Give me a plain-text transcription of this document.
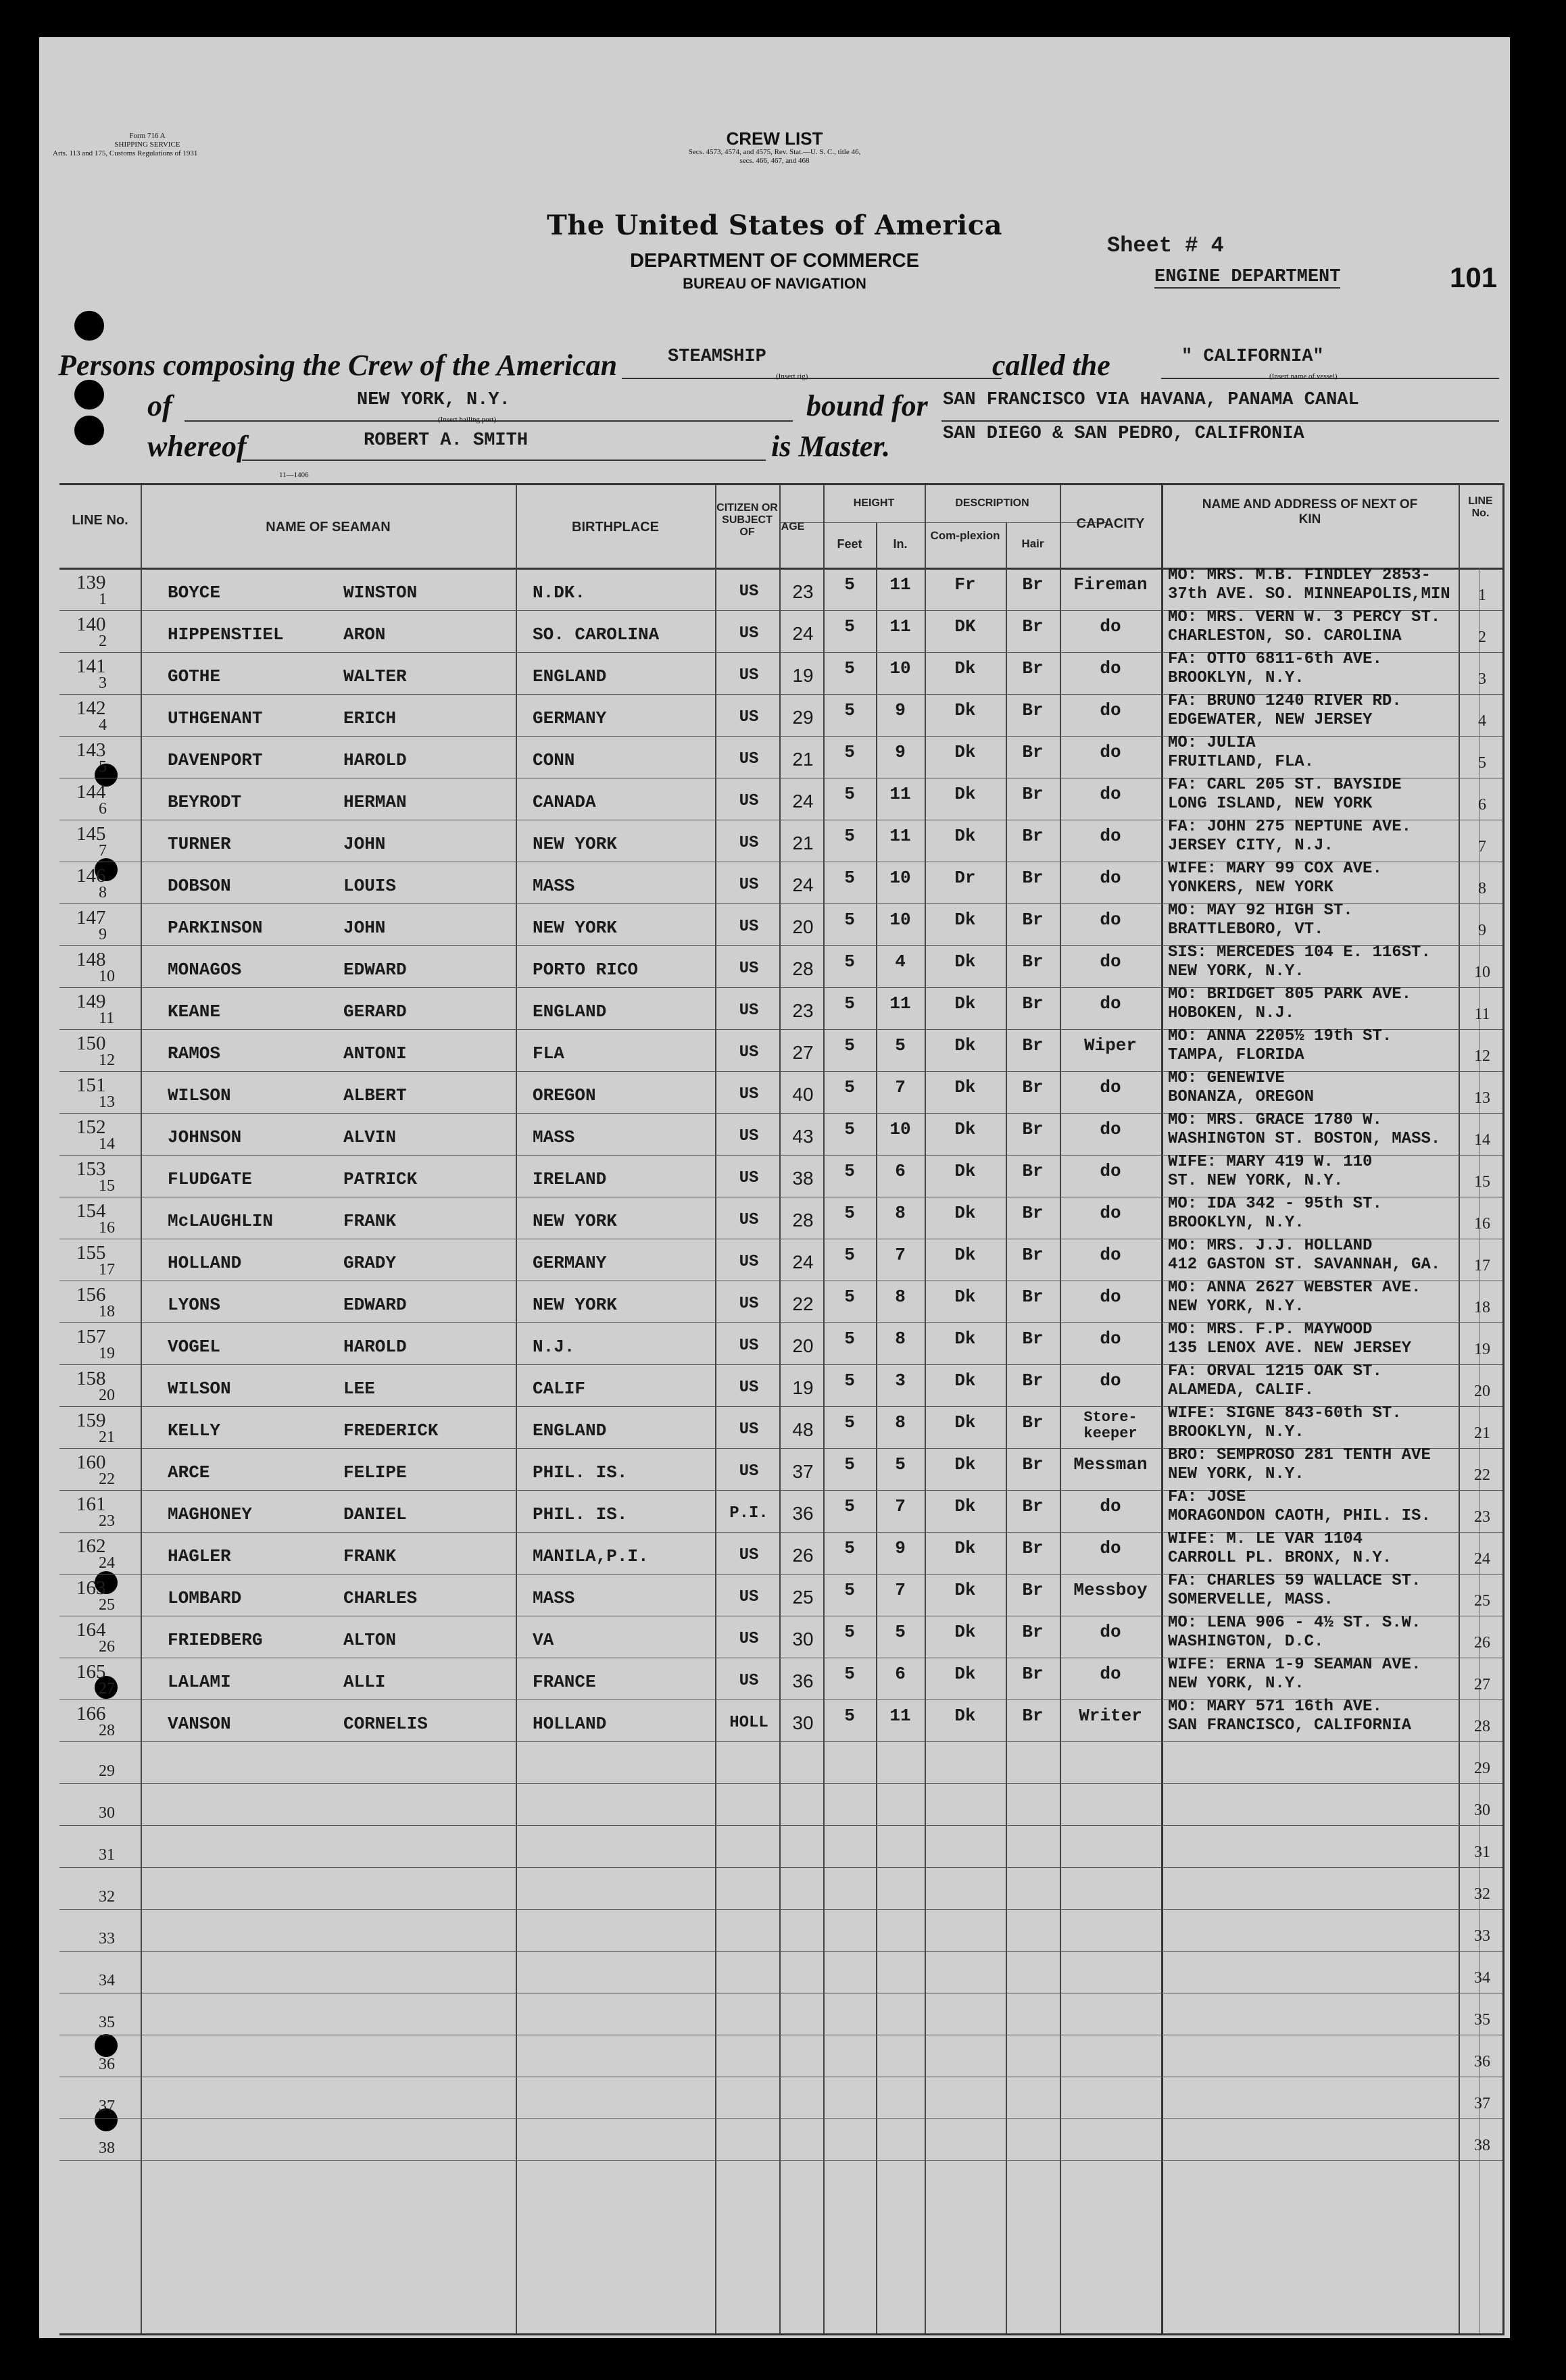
Form 716 A
SHIPPING SERVICE
Arts. 113 and 175, Customs Regulations of 1931
CREW LIST
Secs. 4573, 4574, and 4575, Rev. Stat.—U. S. C., title 46,
secs. 466, 467, and 468
The United States of America
DEPARTMENT OF COMMERCE
BUREAU OF NAVIGATION
Sheet # 4
ENGINE DEPARTMENT	101
Persons composing the Crew of the American	STEAMSHIP
(Insert rig)	called the	" CALIFORNIA"
(Insert name of vessel)
of	NEW YORK, N.Y.
(Insert hailing port)	bound for SAN FRANCISCO VIA HAVANA, PANAMA CANAL
SAN DIEGO & SAN PEDRO, CALIFRONIA
whereof	ROBERT A. SMITH	is Master.
11—1406
LINE No.	NAME OF SEAMAN	BIRTHPLACE
CITIZEN OR SUBJECT OF	AGE
HEIGHT
Feet	In.
DESCRIPTION
Com-plexion
Hair
CAPACITY
NAME AND ADDRESS OF NEXT OF KIN
LINE No.
139
1	BOYCE	WINSTON	N.DK.	US	23	5	11	Fr	Br	Fireman	MO: MRS. M.B. FINDLEY 2853-
37th AVE. SO. MINNEAPOLIS,MIN	1
140
2	HIPPENSTIEL	ARON	SO. CAROLINA	US	24	5	11	DK	Br	do	MO: MRS. VERN W. 3 PERCY ST.
CHARLESTON, SO. CAROLINA	2
141
3	GOTHE	WALTER	ENGLAND	US	19	5	10	Dk	Br	do	FA: OTTO 6811-6th AVE.
BROOKLYN, N.Y.	3
142
4	UTHGENANT	ERICH	GERMANY	US	29	5	9	Dk	Br	do	FA: BRUNO 1240 RIVER RD.
EDGEWATER, NEW JERSEY	4
143
5	DAVENPORT	HAROLD	CONN	US	21	5	9	Dk	Br	do	MO: JULIA
FRUITLAND, FLA.	5
144
6	BEYRODT	HERMAN	CANADA	US	24	5	11	Dk	Br	do	FA: CARL 205 ST. BAYSIDE
LONG ISLAND, NEW YORK	6
145
7	TURNER	JOHN	NEW YORK	US	21	5	11	Dk	Br	do	FA: JOHN 275 NEPTUNE AVE.
JERSEY CITY, N.J.	7
146
8	DOBSON	LOUIS	MASS	US	24	5	10	Dr	Br	do	WIFE: MARY 99 COX AVE.
YONKERS, NEW YORK	8
147
9	PARKINSON	JOHN	NEW YORK	US	20	5	10	Dk	Br	do	MO: MAY 92 HIGH ST.
BRATTLEBORO, VT.	9
148
10	MONAGOS	EDWARD	PORTO RICO	US	28	5	4	Dk	Br	do	SIS: MERCEDES 104 E. 116ST.
NEW YORK, N.Y.	10
149
11	KEANE	GERARD	ENGLAND	US	23	5	11	Dk	Br	do	MO: BRIDGET 805 PARK AVE.
HOBOKEN, N.J.	11
150
12	RAMOS	ANTONI	FLA	US	27	5	5	Dk	Br	Wiper	MO: ANNA 2205½ 19th ST.
TAMPA, FLORIDA	12
151
13	WILSON	ALBERT	OREGON	US	40	5	7	Dk	Br	do	MO: GENEWIVE
BONANZA, OREGON	13
152
14	JOHNSON	ALVIN	MASS	US	43	5	10	Dk	Br	do	MO: MRS. GRACE 1780 W.
WASHINGTON ST. BOSTON, MASS.	14
153
15	FLUDGATE	PATRICK	IRELAND	US	38	5	6	Dk	Br	do	WIFE: MARY 419 W. 110
ST. NEW YORK, N.Y.	15
154
16	McLAUGHLIN	FRANK	NEW YORK	US	28	5	8	Dk	Br	do	MO: IDA 342 - 95th ST.
BROOKLYN, N.Y.	16
155
17	HOLLAND	GRADY	GERMANY	US	24	5	7	Dk	Br	do	MO: MRS. J.J. HOLLAND
412 GASTON ST. SAVANNAH, GA.	17
156
18	LYONS	EDWARD	NEW YORK	US	22	5	8	Dk	Br	do	MO: ANNA 2627 WEBSTER AVE.
NEW YORK, N.Y.	18
157
19	VOGEL	HAROLD	N.J.	US	20	5	8	Dk	Br	do	MO: MRS. F.P. MAYWOOD
135 LENOX AVE. NEW JERSEY	19
158
20	WILSON	LEE	CALIF	US	19	5	3	Dk	Br	do	FA: ORVAL 1215 OAK ST.
ALAMEDA, CALIF.	20
159
21	KELLY	FREDERICK	ENGLAND	US	48	5	8	Dk	Br	Store-keeper
WIFE: SIGNE 843-60th ST.
BROOKLYN, N.Y.	21
160
22	ARCE	FELIPE	PHIL. IS.	US	37	5	5	Dk	Br	Messman	BRO: SEMPROSO 281 TENTH AVE
NEW YORK, N.Y.	22
161
23	MAGHONEY	DANIEL	PHIL. IS.	P.I.	36	5	7	Dk	Br	do	FA: JOSE
MORAGONDON CAOTH, PHIL. IS.	23
162
24	HAGLER	FRANK	MANILA,P.I.	US	26	5	9	Dk	Br	do	WIFE: M. LE VAR 1104
CARROLL PL. BRONX, N.Y.	24
163
25	LOMBARD	CHARLES	MASS	US	25	5	7	Dk	Br	Messboy	FA: CHARLES 59 WALLACE ST.
SOMERVELLE, MASS.	25
164
26	FRIEDBERG	ALTON	VA	US	30	5	5	Dk	Br	do	MO: LENA 906 - 4½ ST. S.W.
WASHINGTON, D.C.	26
165
27	LALAMI	ALLI	FRANCE	US	36	5	6	Dk	Br	do	WIFE: ERNA 1-9 SEAMAN AVE.
NEW YORK, N.Y.	27
166
28	VANSON	CORNELIS	HOLLAND	HOLL	30	5	11	Dk	Br	Writer	MO: MARY 571 16th AVE.
SAN FRANCISCO, CALIFORNIA	28
29	29
30	30
31	31
32	32
33	33
34	34
35	35
36	36
37	37
38	38
